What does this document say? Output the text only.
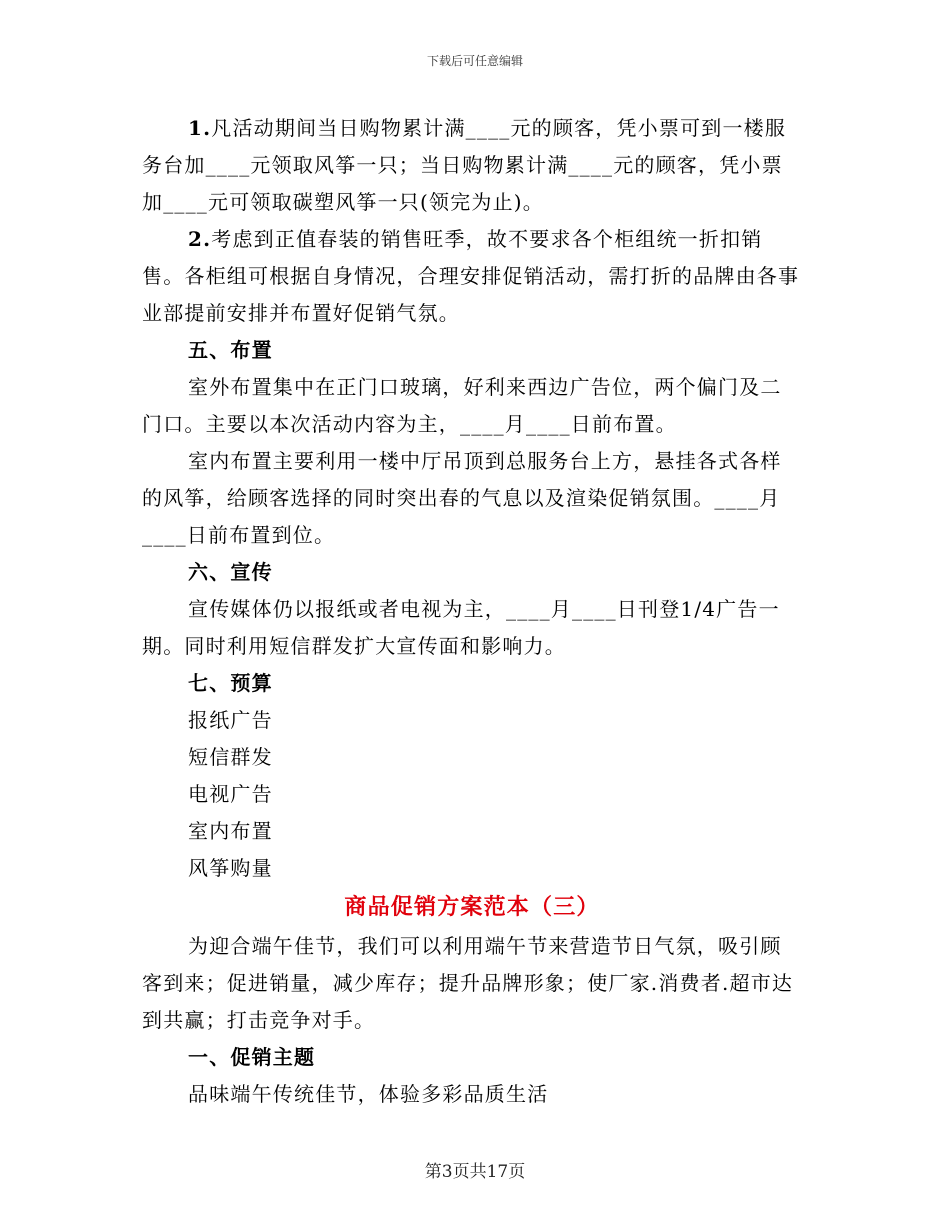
下载后可任意编辑

1.凡活动期间当日购物累计满____元的顾客，凭小票可到一楼服务台加____元领取风筝一只；当日购物累计满____元的顾客，凭小票加____元可领取碳塑风筝一只(领完为止)。

2.考虑到正值春装的销售旺季，故不要求各个柜组统一折扣销售。各柜组可根据自身情况，合理安排促销活动，需打折的品牌由各事业部提前安排并布置好促销气氛。

五、布置

室外布置集中在正门口玻璃，好利来西边广告位，两个偏门及二门口。主要以本次活动内容为主，____月____日前布置。

室内布置主要利用一楼中厅吊顶到总服务台上方，悬挂各式各样的风筝，给顾客选择的同时突出春的气息以及渲染促销氛围。____月____日前布置到位。

六、宣传

宣传媒体仍以报纸或者电视为主，____月____日刊登1/4广告一期。同时利用短信群发扩大宣传面和影响力。

七、预算

报纸广告

短信群发

电视广告

室内布置

风筝购量

商品促销方案范本（三）

为迎合端午佳节，我们可以利用端午节来营造节日气氛，吸引顾客到来；促进销量，减少库存；提升品牌形象；使厂家.消费者.超市达到共赢；打击竞争对手。

一、促销主题

品味端午传统佳节，体验多彩品质生活

第3页共17页
